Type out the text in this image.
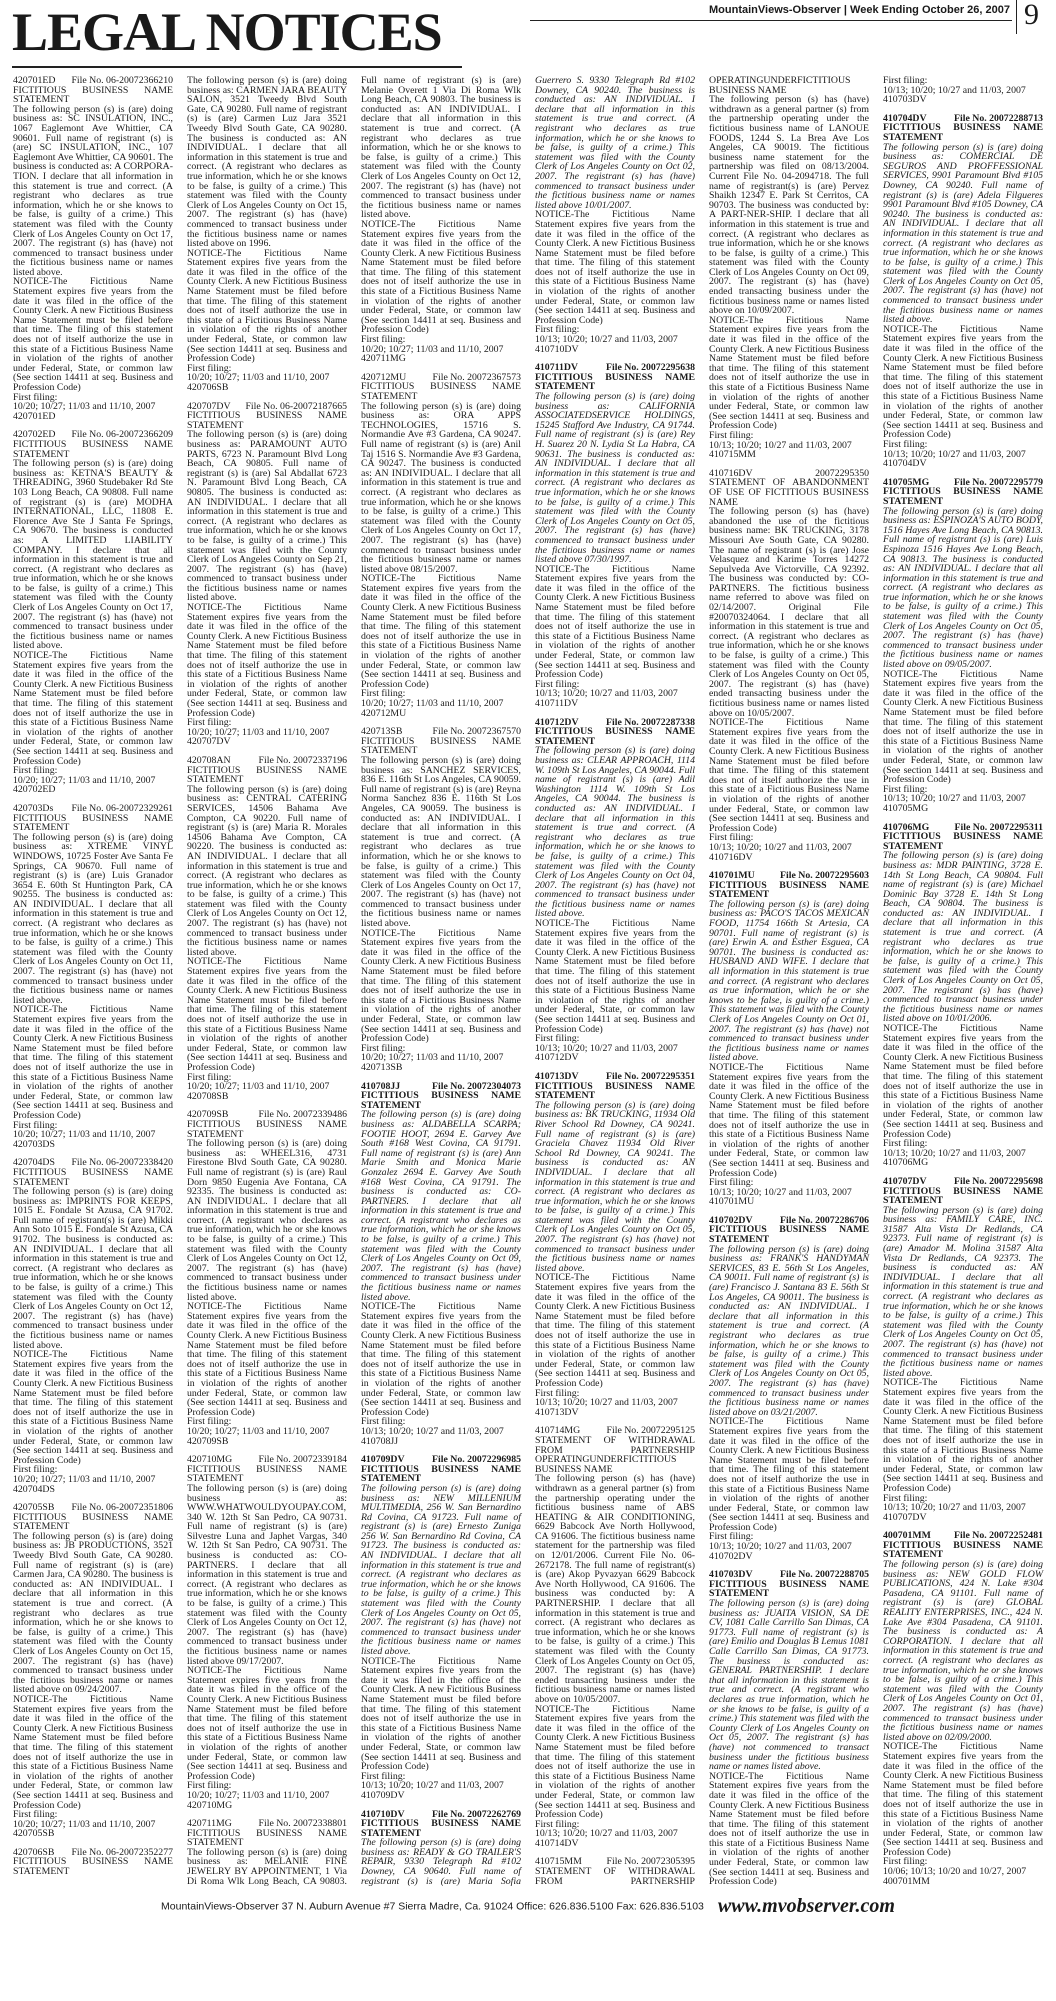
LEGAL NOTICES	MountainViews-Observer | Week Ending October 26, 2007 9
420701ED File No. 06-20072366210
FICTITIOUS BUSINESS NAME STATEMENT

The following person (s) is (are) doing business as: SC INSULATION, INC., 1067 Eaglemont Ave Whittier, CA 90601. Full name of registrant (s) is (are) SC INSULATION, INC., 107 Eaglemont Ave Whittier, CA 90601. The business is conducted as: A CORPORA-TION. I declare that all information in this statement is true and correct. (A registrant who declares as true information, which he or she knows to be false, is guilty of a crime.) This statement was filed with the County Clerk of Los Angeles County on Oct 17, 2007. The registrant (s) has (have) not commenced to transact business under the fictitious business name or names listed above.

NOTICE-The Fictitious Name Statement expires five years from the date it was filed in the office of the County Clerk. A new Fictitious Business Name Statement must be filed before that time. The filing of this statement does not of itself authorize the use in this state of a Fictitious Business Name in violation of the rights of another under Federal, State, or common law (See section 14411 at seq. Business and Profession Code)

First filing:
10/20; 10/27; 11/03 and 11/10, 2007
420701ED
420702ED File No. 06-20072366209
FICTITIOUS BUSINESS NAME STATEMENT

The following person (s) is (are) doing business as: KETNA'S BEAUTY & THREADING, 3960 Studebaker Rd Ste 103 Long Beach, CA 90808. Full name of registrant (s) is (are) MODHA INTERNATIONAL, LLC, 11808 E. Florence Ave Ste J Santa Fe Springs, CA 90670. The business is conducted as: A LIMITED LIABILITY COMPANY. I declare that all information in this statement is true and correct. (A registrant who declares as true information, which he or she knows to be false, is guilty of a crime.) This statement was filed with the County Clerk of Los Angeles County on Oct 17, 2007. The registrant (s) has (have) not commenced to transact business under the fictitious business name or names listed above.

NOTICE-The Fictitious Name Statement expires five years from the date it was filed in the office of the County Clerk. A new Fictitious Business Name Statement must be filed before that time. The filing of this statement does not of itself authorize the use in this state of a Fictitious Business Name in violation of the rights of another under Federal, State, or common law (See section 14411 at seq. Business and Profession Code)

First filing:
10/20; 10/27; 11/03 and 11/10, 2007
420702ED
420703Ds File No. 06-20072329261
FICTITIOUS BUSINESS NAME STATEMENT

The following person (s) is (are) doing business as: XTREME VINYL WINDOWS, 10725 Foster Ave Santa Fe Springs, CA 90670. Full name of registrant (s) is (are) Luis Granador 3654 E. 60th St Huntington Park, CA 90255. The business is conducted as: AN INDIVIDUAL. I declare that all information in this statement is true and correct. (A registrant who declares as true information, which he or she knows to be false, is guilty of a crime.) This statement was filed with the County Clerk of Los Angeles County on Oct 11, 2007. The registrant (s) has (have) not commenced to transact business under the fictitious business name or names listed above.

NOTICE-The Fictitious Name Statement expires five years from the date it was filed in the office of the County Clerk. A new Fictitious Business Name Statement must be filed before that time. The filing of this statement does not of itself authorize the use in this state of a Fictitious Business Name in violation of the rights of another under Federal, State, or common law (See section 14411 at seq. Business and Profession Code)

First filing:
10/20; 10/27; 11/03 and 11/10, 2007
420703DS
420704DS File No. 06-20072338420
FICTITIOUS BUSINESS NAME STATEMENT

The following person (s) is (are) doing business as: IMPRINTS FOR KEEPS, 1015 E. Fondale St Azusa, CA 91702. Full name of registrant(s) is (are) Mikki Ann Soto 1015 E. Fondale St Azusa, CA 91702. The business is conducted as: AN INDIVIDUAL. I declare that all information in this statement is true and correct. (A registrant who declares as true information, which he or she knows to be false, is guilty of a crime.) This statement was filed with the County Clerk of Los Angeles County on Oct 12, 2007. The registrant (s) has (have) commenced to transact business under the fictitious business name or names listed above.

NOTICE-The Fictitious Name Statement expires five years from the date it was filed in the office of the County Clerk. A new Fictitious Business Name Statement must be filed before that time. The filing of this statement does not of itself authorize the use in this state of a Fictitious Business Name in violation of the rights of another under Federal, State, or common law (See section 14411 at seq. Business and Profession Code)

First filing:
10/20; 10/27; 11/03 and 11/10, 2007
420704DS
420705SB File No. 06-20072351806
FICTITIOUS BUSINESS NAME STATEMENT

The following person (s) is (are) doing business as: JB PRODUCTIONS, 3521 Tweedy Blvd South Gate, CA 90280. Full name of registrant (s) is (are) Carmen Jara, CA 90280. The business is conducted as: AN INDIVIDUAL. I declare that all information in this statement is true and correct. (A registrant who declares as true information, which he or she knows to be false, is guilty of a crime.) This statement was filed with the County Clerk of Los Angeles County on Oct 15, 2007. The registrant (s) has (have) commenced to transact business under the fictitious business name or names listed above on 09/24/2007.

NOTICE-The Fictitious Name Statement expires five years from the date it was filed in the office of the County Clerk. A new Fictitious Business Name Statement must be filed before that time. The filing of this statement does not of itself authorize the use in this state of a Fictitious Business Name in violation of the rights of another under Federal, State, or common law (See section 14411 at seq. Business and Profession Code)

First filing:
10/20; 10/27; 11/03 and 11/10, 2007
420705SB
420706SB File No. 06-20072352277
FICTITIOUS BUSINESS NAME STATEMENT

The following person (s) is (are) doing business as: CARMEN JARA BEAUTY SALON, 3521 Tweedy Blvd South Gate, CA 90280. Full name of registrant (s) is (are) Carmen Luz Jara 3521 Tweedy Blvd South Gate, CA 90280. The business is conducted as: AN INDIVIDUAL. I declare that all information in this statement is true and correct. (A registrant who declares as true information, which he or she knows to be false, is guilty of a crime.) This statement was filed with the County Clerk of Los Angeles County on Oct 15, 2007. The registrant (s) has (have) commenced to transact business under the fictitious business name or names listed above on 1996.

NOTICE-The Fictitious Name Statement expires five years from the date it was filed in the office of the County Clerk. A new Fictitious Business Name Statement must be filed before that time. The filing of this statement does not of itself authorize the use in this state of a Fictitious Business Name in violation of the rights of another under Federal, State, or common law (See section 14411 at seq. Business and Profession Code)

First filing:
10/20; 10/27; 11/03 and 11/10, 2007
420706SB
420707DV File No. 06-20072187665
FICTITIOUS BUSINESS NAME STATEMENT

The following person (s) is (are) doing business as: PARAMOUNT AUTO PARTS, 6723 N. Paramount Blvd Long Beach, CA 90805. Full name of registrant (s) is (are) Sal Abdallat 6723 N. Paramount Blvd Long Beach, CA 90805. The business is conducted as: AN INDIVIDUAL. I declare that all information in this statement is true and correct. (A registrant who declares as true information, which he or she knows to be false, is guilty of a crime.) This statement was filed with the County Clerk of Los Angeles County on Sep 21, 2007. The registrant (s) has (have) commenced to transact business under the fictitious business name or names listed above.

NOTICE-The Fictitious Name Statement expires five years from the date it was filed in the office of the County Clerk. A new Fictitious Business Name Statement must be filed before that time. The filing of this statement does not of itself authorize the use in this state of a Fictitious Business Name in violation of the rights of another under Federal, State, or common law (See section 14411 at seq. Business and Profession Code)

First filing:
10/20; 10/27; 11/03 and 11/10, 2007
420707DV
420708AN	File No. 20072337196
FICTITIOUS BUSINESS NAME STATEMENT

The following person (s) is (are) doing business as: CENTRAL CATERING SERVICES, 14506 Bahama Ave Compton, CA 90220. Full name of registrant (s) is (are) Maria R. Morales 14506 Bahama Ave Compton, CA 90220. The business is conducted as: AN INDIVIDUAL. I declare that all information in this statement is true and correct. (A registrant who declares as true information, which he or she knows to be false, is guilty of a crime.) This statement was filed with the County Clerk of Los Angeles County on Oct 12, 2007. The registrant (s) has (have) not commenced to transact business under the fictitious business name or names listed above.

NOTICE-The Fictitious Name Statement expires five years from the date it was filed in the office of the County Clerk. A new Fictitious Business Name Statement must be filed before that time. The filing of this statement does not of itself authorize the use in this state of a Fictitious Business Name in violation of the rights of another under Federal, State, or common law (See section 14411 at seq. Business and Profession Code)

First filing:
10/20; 10/27; 11/03 and 11/10, 2007
420708SB
420709SB	File No. 20072339486
FICTITIOUS BUSINESS NAME STATEMENT

The following person (s) is (are) doing business as: WHEEL316, 4731 Firestone Blvd South Gate, CA 90280. Full name of registrant (s) is (are) Raul Dorn 9850 Eugenia Ave Fontana, CA 92335. The business is conducted as: AN INDIVIDUAL. I declare that all information in this statement is true and correct. (A registrant who declares as true information, which he or she knows to be false, is guilty of a crime.) This statement was filed with the County Clerk of Los Angeles County on Oct 12, 2007. The registrant (s) has (have) commenced to transact business under the fictitious business name or names listed above.

NOTICE-The Fictitious Name Statement expires five years from the date it was filed in the office of the County Clerk. A new Fictitious Business Name Statement must be filed before that time. The filing of this statement does not of itself authorize the use in this state of a Fictitious Business Name in violation of the rights of another under Federal, State, or common law (See section 14411 at seq. Business and Profession Code)

First filing:
10/20; 10/27; 11/03 and 11/10, 2007
420709SB
420710MG	File No. 20072339184
FICTITIOUS BUSINESS NAME STATEMENT

The following person (s) is (are) doing business as: WWW.WHATWOULDYOUPAY.COM, 340 W. 12th St San Pedro, CA 90731. Full name of registrant (s) is (are) Silvestre Luna and Japhet Vargas, 340 W. 12th St San Pedro, CA 90731. The business is conducted as: CO-PARTNERS. I declare that all information in this statement is true and correct. (A registrant who declares as true information, which he or she knows to be false, is guilty of a crime.) This statement was filed with the County Clerk of Los Angeles County on Oct 12, 2007. The registrant (s) has (have) commenced to transact business under the fictitious business name or names listed above 09/17/2007.

NOTICE-The Fictitious Name Statement expires five years from the date it was filed in the office of the County Clerk. A new Fictitious Business Name Statement must be filed before that time. The filing of this statement does not of itself authorize the use in this state of a Fictitious Business Name in violation of the rights of another under Federal, State, or common law (See section 14411 at seq. Business and Profession Code)

First filing:
10/20; 10/27; 11/03 and 11/10, 2007
420710MG
420711MG	File No. 20072338801
FICTITIOUS BUSINESS NAME STATEMENT

The following person (s) is (are) doing business as: MELANIE FINE JEWELRY BY APPOINTMENT, 1 Via Di Roma Wlk Long Beach, CA 90803. Full name of registrant (s) is (are) Melanie Overett 1 Via Di Roma Wlk Long Beach, CA 90803. The business is conducted as: AN INDIVIDUAL. I declare that all information in this statement is true and correct. (A registrant who declares as true information, which he or she knows to be false, is guilty of a crime.) This statement was filed with the County Clerk of Los Angeles County on Oct 12, 2007. The registrant (s) has (have) not commenced to transact business under the fictitious business name or names listed above.

NOTICE-The Fictitious Name Statement expires five years from the date it was filed in the office of the County Clerk. A new Fictitious Business Name Statement must be filed before that time. The filing of this statement does not of itself authorize the use in this state of a Fictitious Business Name in violation of the rights of another under Federal, State, or common law (See section 14411 at seq. Business and Profession Code)

First filing:
10/20; 10/27; 11/03 and 11/10, 2007
420711MG
420712MU	File No. 20072367573
FICTITIOUS BUSINESS NAME STATEMENT

The following person (s) is (are) doing business as: ORA APPS TECHNOLOGIES, 15716 S. Normandie Ave #3 Gardena, CA 90247. Full name of registrant (s) is (are) Anil Taj 1516 S. Normandie Ave #3 Gardena, CA 90247. The business is conducted as: AN INDIVIDUAL. I declare that all information in this statement is true and correct. (A registrant who declares as true information, which he or she knows to be false, is guilty of a crime.) This statement was filed with the County Clerk of Los Angeles County on Oct 17, 2007. The registrant (s) has (have) commenced to transact business under the fictitious business name or names listed above 08/15/2007.

NOTICE-The Fictitious Name Statement expires five years from the date it was filed in the office of the County Clerk. A new Fictitious Business Name Statement must be filed before that time. The filing of this statement does not of itself authorize the use in this state of a Fictitious Business Name in violation of the rights of another under Federal, State, or common law (See section 14411 at seq. Business and Profession Code)

First filing:
10/20; 10/27; 11/03 and 11/10, 2007
420712MU
420713SB	File No. 20072367570
FICTITIOUS BUSINESS NAME STATEMENT

The following person (s) is (are) doing business as: SANCHEZ SERVICES, 836 E. 116th St Los Angeles, CA 90059. Full name of registrant (s) is (are) Reyna Norma Sanchez 836 E. 116th St Los Angeles, CA 90059. The business is conducted as: AN INDIVIDUAL. I declare that all information in this statement is true and correct. (A registrant who declares as true information, which he or she knows to be false, is guilty of a crime.) This statement was filed with the County Clerk of Los Angeles County on Oct 17, 2007. The registrant (s) has (have) not commenced to transact business under the fictitious business name or names listed above.

NOTICE-The Fictitious Name Statement expires five years from the date it was filed in the office of the County Clerk. A new Fictitious Business Name Statement must be filed before that time. The filing of this statement does not of itself authorize the use in this state of a Fictitious Business Name in violation of the rights of another under Federal, State, or common law (See section 14411 at seq. Business and Profession Code)

First filing:
10/20; 10/27; 11/03 and 11/10, 2007
420713SB
410708JJ	File No. 20072304073
FICTITIOUS BUSINESS NAME STATEMENT

The following person (s) is (are) doing business as: ALDABELLA SCARPA; FOOTIE HOOT, 2694 E. Garvey Ave South #168 West Covina, CA 91791. Full name of registrant (s) is (are) Ann Marie Smith and Monica Marie Gonzalez 2694 E. Garvey Ave South #168 West Covina, CA 91791. The business is conducted as: CO-PARTNERS. I declare that all information in this statement is true and correct. (A registrant who declares as true information, which he or she knows to be false, is guilty of a crime.) This statement was filed with the County Clerk of Los Angeles County on Oct 09, 2007. The registrant (s) has (have) commenced to transact business under the fictitious business name or names listed above.

NOTICE-The Fictitious Name Statement expires five years from the date it was filed in the office of the County Clerk. A new Fictitious Business Name Statement must be filed before that time. The filing of this statement does not of itself authorize the use in this state of a Fictitious Business Name in violation of the rights of another under Federal, State, or common law (See section 14411 at seq. Business and Profession Code)

First filing:
10/13; 10/20; 10/27 and 11/03, 2007
410708JJ
410709DV	File No. 20072296985
FICTITIOUS BUSINESS NAME STATEMENT

The following person (s) is (are) doing business as: NEW MILLENIUM MULTIMEDIA, 256 W. San Bernardino Rd Covina, CA 91723. Full name of registrant (s) is (are) Ernesto Zuniga 256 W. San Bernardino Rd Covina, CA 91723. The business is conducted as: AN INDIVIDUAL. I declare that all information in this statement is true and correct. (A registrant who declares as true information, which he or she knows to be false, is guilty of a crime.) This statement was filed with the County Clerk of Los Angeles County on Oct 05, 2007. The registrant (s) has (have) not commenced to transact business under the fictitious business name or names listed above.

NOTICE-The Fictitious Name Statement expires five years from the date it was filed in the office of the County Clerk. A new Fictitious Business Name Statement must be filed before that time. The filing of this statement does not of itself authorize the use in this state of a Fictitious Business Name in violation of the rights of another under Federal, State, or common law (See section 14411 at seq. Business and Profession Code)

First filing:
10/13; 10/20; 10/27 and 11/03, 2007
410709DV
410710DV	File No. 20072262769
FICTITIOUS BUSINESS NAME STATEMENT

The following person (s) is (are) doing business as: READY & GO TRAILER'S REPAIR, 9330 Telegraph Rd #102 Downey, CA 90640. Full name of registrant (s) is (are) Maria Sofia Guerrero S. 9330 Telegraph Rd #102 Downey, CA 90240. The business is conducted as: AN INDIVIDUAL. I declare that all information in this statement is true and correct. (A registrant who declares as true information, which he or she knows to be false, is guilty of a crime.) This statement was filed with the County Clerk of Los Angeles County on Oct 02, 2007. The registrant (s) has (have) commenced to transact business under the fictitious business name or names listed above 10/01/2007.

NOTICE-The Fictitious Name Statement expires five years from the date it was filed in the office of the County Clerk. A new Fictitious Business Name Statement must be filed before that time. The filing of this statement does not of itself authorize the use in this state of a Fictitious Business Name in violation of the rights of another under Federal, State, or common law (See section 14411 at seq. Business and Profession Code)

First filing:
10/13; 10/20; 10/27 and 11/03, 2007
410710DV
410711DV	File No. 20072295638
FICTITIOUS BUSINESS NAME STATEMENT

The following person (s) is (are) doing business as: CALIFORNIA ASSOCIATEDSERVICE HOLDINGS, 15245 Stafford Ave Industry, CA 91744. Full name of registrant (s) is (are) Rey H. Suarez 20 N. Lydia St La Habra, CA 90631. The business is conducted as: AN INDIVIDUAL. I declare that all information in this statement is true and correct. (A registrant who declares as true information, which he or she knows to be false, is guilty of a crime.) This statement was filed with the County Clerk of Los Angeles County on Oct 05, 2007. The registrant (s) has (have) commenced to transact business under the fictitious business name or names listed above 07/30/1997.

NOTICE-The Fictitious Name Statement expires five years from the date it was filed in the office of the County Clerk. A new Fictitious Business Name Statement must be filed before that time. The filing of this statement does not of itself authorize the use in this state of a Fictitious Business Name in violation of the rights of another under Federal, State, or common law (See section 14411 at seq. Business and Profession Code)

First filing:
10/13; 10/20; 10/27 and 11/03, 2007
410711DV
410712DV	File No. 20072287338
FICTITIOUS BUSINESS NAME STATEMENT

The following person (s) is (are) doing business as: CLEAR APPROACH, 1114 W. 109th St Los Angeles, CA 90044. Full name of registrant (s) is (are) Adil Washington 1114 W. 109th St Los Angeles, CA 90044. The business is conducted as: AN INDIVIDUAL. I declare that all information in this statement is true and correct. (A registrant who declares as true information, which he or she knows to be false, is guilty of a crime.) This statement was filed with the County Clerk of Los Angeles County on Oct 04, 2007. The registrant (s) has (have) not commenced to transact business under the fictitious business name or names listed above.

NOTICE-The Fictitious Name Statement expires five years from the date it was filed in the office of the County Clerk. A new Fictitious Business Name Statement must be filed before that time. The filing of this statement does not of itself authorize the use in this state of a Fictitious Business Name in violation of the rights of another under Federal, State, or common law (See section 14411 at seq. Business and Profession Code)

First filing:
10/13; 10/20; 10/27 and 11/03, 2007
410712DV
410713DV	File No. 20072295351
FICTITIOUS BUSINESS NAME STATEMENT

The following person (s) is (are) doing business as: BK TRUCKING, 11934 Old River School Rd Downey, CA 90241. Full name of registrant (s) is (are) Graciela Chavez 11934 Old River School Rd Downey, CA 90241. The business is conducted as: AN INDIVIDUAL. I declare that all information in this statement is true and correct. (A registrant who declares as true information, which he or she knows to be false, is guilty of a crime.) This statement was filed with the County Clerk of Los Angeles County on Oct 05, 2007. The registrant (s) has (have) not commenced to transact business under the fictitious business name or names listed above.

NOTICE-The Fictitious Name Statement expires five years from the date it was filed in the office of the County Clerk. A new Fictitious Business Name Statement must be filed before that time. The filing of this statement does not of itself authorize the use in this state of a Fictitious Business Name in violation of the rights of another under Federal, State, or common law (See section 14411 at seq. Business and Profession Code)

First filing:
10/13; 10/20; 10/27 and 11/03, 2007
410713DV
410714MG	File No. 20072295125
STATEMENT OF WITHDRAWAL FROM PARTNERSHIP OPERATINGUNDERFICTITIOUS BUSINESS NAME

The following person (s) has (have) withdrawn as a general partner (s) from the partnership operating under the fictitious business name of ABS HEATING & AIR CONDITIONING, 6629 Babcock Ave North Hollywood, CA 91606. The fictitious business name statement for the partnership was filed on 12/01/2006. Current File No. 06-2672178. The full name of registrant(s) is (are) Akop Pyvazyan 6629 Babcock Ave North Hollywood, CA 91606. The business was conducted by: A PARTNERSHIP. I declare that all information in this statement is true and correct. (A registrant who declares as true information, which he or she knows to be false, is guilty of a crime.) This statement was filed with the County Clerk of Los Angeles County on Oct 05, 2007. The registrant (s) has (have) ended transacting business under the fictitious business name or names listed above on 10/05/2007.

NOTICE-The Fictitious Name Statement expires five years from the date it was filed in the office of the County Clerk. A new Fictitious Business Name Statement must be filed before that time. The filing of this statement does not of itself authorize the use in this state of a Fictitious Business Name in violation of the rights of another under Federal, State, or common law (See section 14411 at seq. Business and Profession Code)

First filing:
10/13; 10/20; 10/27 and 11/03, 2007
410714DV
410715MM	File No. 20072305395
STATEMENT OF WITHDRAWAL FROM PARTNERSHIP OPERATINGUNDERFICTITIOUS BUSINESS NAME

The following person (s) has (have) withdrawn as a general partner (s) from the partnership operating under the fictitious business name of LANOUE FOODS, 1244 S. La Brea Ave Los Angeles, CA 90019. The fictitious business name statement for the partnership was filed on 08/13/2004. Current File No. 04-2094718. The full name of registrant(s) is (are) Pervez Shaikh 12347 E. Park St Cerritos, CA 90703. The business was conducted by: A PART-NER-SHIP. I declare that all information in this statement is true and correct. (A registrant who declares as true information, which he or she knows to be false, is guilty of a crime.) This statement was filed with the County Clerk of Los Angeles County on Oct 09, 2007. The registrant (s) has (have) ended transacting business under the fictitious business name or names listed above on 10/09/2007.

NOTICE-The Fictitious Name Statement expires five years from the date it was filed in the office of the County Clerk. A new Fictitious Business Name Statement must be filed before that time. The filing of this statement does not of itself authorize the use in this state of a Fictitious Business Name in violation of the rights of another under Federal, State, or common law (See section 14411 at seq. Business and Profession Code)

First filing:
10/13; 10/20; 10/27 and 11/03, 2007
410715MM
410716DV	20072295350
STATEMENT OF ABANDONMENT OF USE OF FICTITIOUS BUSINESS NAME

The following person (s) has (have) abandoned the use of the fictitious business name: BK TRUCKING, 3178 Missouri Ave South Gate, CA 90280. The name of registrant (s) is (are) Jose Velasquez and Karime Torres 14272 Sepulveda Ave Victorville, CA 92392. The business was conducted by: CO-PARTNERS. The fictitious business name referred to above was filed on 02/14/2007. Original File #20070324064. I declare that all information in this statement is true and correct. (A registrant who declares as true information, which he or she knows to be false, is guilty of a crime.) This statement was filed with the County Clerk of Los Angeles County on Oct 05, 2007. The registrant (s) has (have) ended transacting business under the fictitious business name or names listed above on 10/05/2007.

NOTICE-The Fictitious Name Statement expires five years from the date it was filed in the office of the County Clerk. A new Fictitious Business Name Statement must be filed before that time. The filing of this statement does not of itself authorize the use in this state of a Fictitious Business Name in violation of the rights of another under Federal, State, or common law (See section 14411 at seq. Business and Profession Code)

First filing:
10/13; 10/20; 10/27 and 11/03, 2007
410716DV
410701MU	File No. 20072295603
FICTITIOUS BUSINESS NAME STATEMENT

The following person (s) is (are) doing business as: PACO'S TACOS MEXICAN FOOD, 11754 166th St Artesia, CA 90701. Full name of registrant (s) is (are) Erwin A. and Esther Esguea, CA 90701. The business is conducted as: HUSBAND AND WIFE. I declare that all information in this statement is true and correct. (A registrant who declares as true information, which he or she knows to be false, is guilty of a crime.) This statement was filed with the County Clerk of Los Angeles County on Oct 01, 2007. The registrant (s) has (have) not commenced to transact business under the fictitious business name or names listed above.

NOTICE-The Fictitious Name Statement expires five years from the date it was filed in the office of the County Clerk. A new Fictitious Business Name Statement must be filed before that time. The filing of this statement does not of itself authorize the use in this state of a Fictitious Business Name in violation of the rights of another under Federal, State, or common law (See section 14411 at seq. Business and Profession Code)

First filing:
10/13; 10/20; 10/27 and 11/03, 2007
410701MU
410702DV	File No. 20072286706
FICTITIOUS BUSINESS NAME STATEMENT

The following person (s) is (are) doing business as: FRANK'S HANDYMAN SERVICES, 83 E. 56th St Los Angeles, CA 90011. Full name of registrant (s) is (are) Francisco J. Santana 83 E. 56th St Los Angeles, CA 90011. The business is conducted as: AN INDIVIDUAL. I declare that all information in this statement is true and correct. (A registrant who declares as true information, which he or she knows to be false, is guilty of a crime.) This statement was filed with the County Clerk of Los Angeles County on Oct 05, 2007. The registrant (s) has (have) commenced to transact business under the fictitious business name or names listed above on 03/21/2007.

NOTICE-The Fictitious Name Statement expires five years from the date it was filed in the office of the County Clerk. A new Fictitious Business Name Statement must be filed before that time. The filing of this statement does not of itself authorize the use in this state of a Fictitious Business Name in violation of the rights of another under Federal, State, or common law (See section 14411 at seq. Business and Profession Code)

First filing:
10/13; 10/20; 10/27 and 11/03, 2007
410702DV
410703DV	File No. 20072288705
FICTITIOUS BUSINESS NAME STATEMENT

The following person (s) is (are) doing business as: JUAITA VISION, SA DE CV, 1081 Calle Carrillo San Dimas, CA 91773. Full name of registrant (s) is (are) Emilio and Douglas B Lemus 1081 Calle Carrillo San Dimas, CA 91773. The business is conducted as: GENERAL PARTNERSHIP. I declare that all information in this statement is true and correct. (A registrant who declares as true information, which he or she knows to be false, is guilty of a crime.) This statement was filed with the County Clerk of Los Angeles County on Oct 05, 2007. The registrant (s) has (have) not commenced to transact business under the fictitious business name or names listed above.

NOTICE-The Fictitious Name Statement expires five years from the date it was filed in the office of the County Clerk. A new Fictitious Business Name Statement must be filed before that time. The filing of this statement does not of itself authorize the use in this state of a Fictitious Business Name in violation of the rights of another under Federal, State, or common law (See section 14411 at seq. Business and Profession Code)

First filing:
10/13; 10/20; 10/27 and 11/03, 2007
410703DV
410704DV	File No. 20072288713
FICTITIOUS BUSINESS NAME STATEMENT

The following person (s) is (are) doing business as: COMERCIAL DE SEGUROS AND PROFFESSIONAL SERVICES, 9901 Paramount Blvd #105 Downey, CA 90240. Full name of registrant (s) is (are) Adela Filgueres 9901 Paramount Blvd #105 Downey, CA 90240. The business is conducted as: AN INDIVIDUAL. I declare that all information in this statement is true and correct. (A registrant who declares as true information, which he or she knows to be false, is guilty of a crime.) This statement was filed with the County Clerk of Los Angeles County on Oct 05, 2007. The registrant (s) has (have) not commenced to transact business under the fictitious business name or names listed above.

NOTICE-The Fictitious Name Statement expires five years from the date it was filed in the office of the County Clerk. A new Fictitious Business Name Statement must be filed before that time. The filing of this statement does not of itself authorize the use in this state of a Fictitious Business Name in violation of the rights of another under Federal, State, or common law (See section 14411 at seq. Business and Profession Code)

First filing:
10/13; 10/20; 10/27 and 11/03, 2007
410704DV
410705MG	File No. 20072295779
FICTITIOUS BUSINESS NAME STATEMENT

The following person (s) is (are) doing business as: ESPINOZA'S AUTO BODY, 1516 Hayes Ave Long Beach, CA 90813. Full name of registrant (s) is (are) Luis Espinoza 1516 Hayes Ave Long Beach, CA 90813. The business is conducted as: AN INDIVIDUAL. I declare that all information in this statement is true and correct. (A registrant who declares as true information, which he or she knows to be false, is guilty of a crime.) This statement was filed with the County Clerk of Los Angeles County on Oct 05, 2007. The registrant (s) has (have) commenced to transact business under the fictitious business name or names listed above on 09/05/2007.

NOTICE-The Fictitious Name Statement expires five years from the date it was filed in the office of the County Clerk. A new Fictitious Business Name Statement must be filed before that time. The filing of this statement does not of itself authorize the use in this state of a Fictitious Business Name in violation of the rights of another under Federal, State, or common law (See section 14411 at seq. Business and Profession Code)

First filing:
10/13; 10/20; 10/27 and 11/03, 2007
410705MG
410706MG	File No. 20072295311
FICTITIOUS BUSINESS NAME STATEMENT

The following person (s) is (are) doing business as: MDR PAINTING, 3728 E. 14th St Long Beach, CA 90804. Full name of registrant (s) is (are) Michael Dominic Bay 3728 E. 14th St Long Beach, CA 90804. The business is conducted as: AN INDIVIDUAL. I declare that all information in this statement is true and correct. (A registrant who declares as true information, which he or she knows to be false, is guilty of a crime.) This statement was filed with the County Clerk of Los Angeles County on Oct 05, 2007. The registrant (s) has (have) commenced to transact business under the fictitious business name or names listed above on 10/01/2006.

NOTICE-The Fictitious Name Statement expires five years from the date it was filed in the office of the County Clerk. A new Fictitious Business Name Statement must be filed before that time. The filing of this statement does not of itself authorize the use in this state of a Fictitious Business Name in violation of the rights of another under Federal, State, or common law (See section 14411 at seq. Business and Profession Code)

First filing:
10/13; 10/20; 10/27 and 11/03, 2007
410706MG
410707DV	File No. 20072295698
FICTITIOUS BUSINESS NAME STATEMENT

The following person (s) is (are) doing business as: FAMILY CARE, INC. 31587 Alta Vista Dr Redlands, CA 92373. Full name of registrant (s) is (are) Amador M. Molina 31587 Alta Vista Dr Redlands, CA 92373. The business is conducted as: AN INDIVIDUAL. I declare that all information in this statement is true and correct. (A registrant who declares as true information, which he or she knows to be false, is guilty of a crime.) This statement was filed with the County Clerk of Los Angeles County on Oct 05, 2007. The registrant (s) has (have) not commenced to transact business under the fictitious business name or names listed above.

NOTICE-The Fictitious Name Statement expires five years from the date it was filed in the office of the County Clerk. A new Fictitious Business Name Statement must be filed before that time. The filing of this statement does not of itself authorize the use in this state of a Fictitious Business Name in violation of the rights of another under Federal, State, or common law (See section 14411 at seq. Business and Profession Code)

First filing:
10/13; 10/20; 10/27 and 11/03, 2007
410707DV
400701MM File No. 20072252481
FICTITIOUS BUSINESS NAME STATEMENT

The following person (s) is (are) doing business as: NEW GOLD FLOW PUBLICATIONS, 424 N. Lake #304 Pasadena, CA 91101. Full name of registrant (s) is (are) GLOBAL REALITY ENTERPRISES, INC., 424 N. Lake Ave #304 Pasadena, CA 91101. The business is conducted as: A CORPORATION. I declare that all information in this statement is true and correct. (A registrant who declares as true information, which he or she knows to be false, is guilty of a crime.) This statement was filed with the County Clerk of Los Angeles County on Oct 01, 2007. The registrant (s) has (have) commenced to transact business under the fictitious business name or names listed above on 02/09/2000.

NOTICE-The Fictitious Name Statement expires five years from the date it was filed in the office of the County Clerk. A new Fictitious Business Name Statement must be filed before that time. The filing of this statement does not of itself authorize the use in this state of a Fictitious Business Name in violation of the rights of another under Federal, State, or common law (See section 14411 at seq. Business and Profession Code)

First filing:
10/06; 10/13; 10/20 and 10/27, 2007
400701MM
MountainViews-Observer 37 N. Auburn Avenue #7 Sierra Madre, Ca. 91024 Office: 626.836.5100 Fax: 626.836.5103 www.mvobserver.com
